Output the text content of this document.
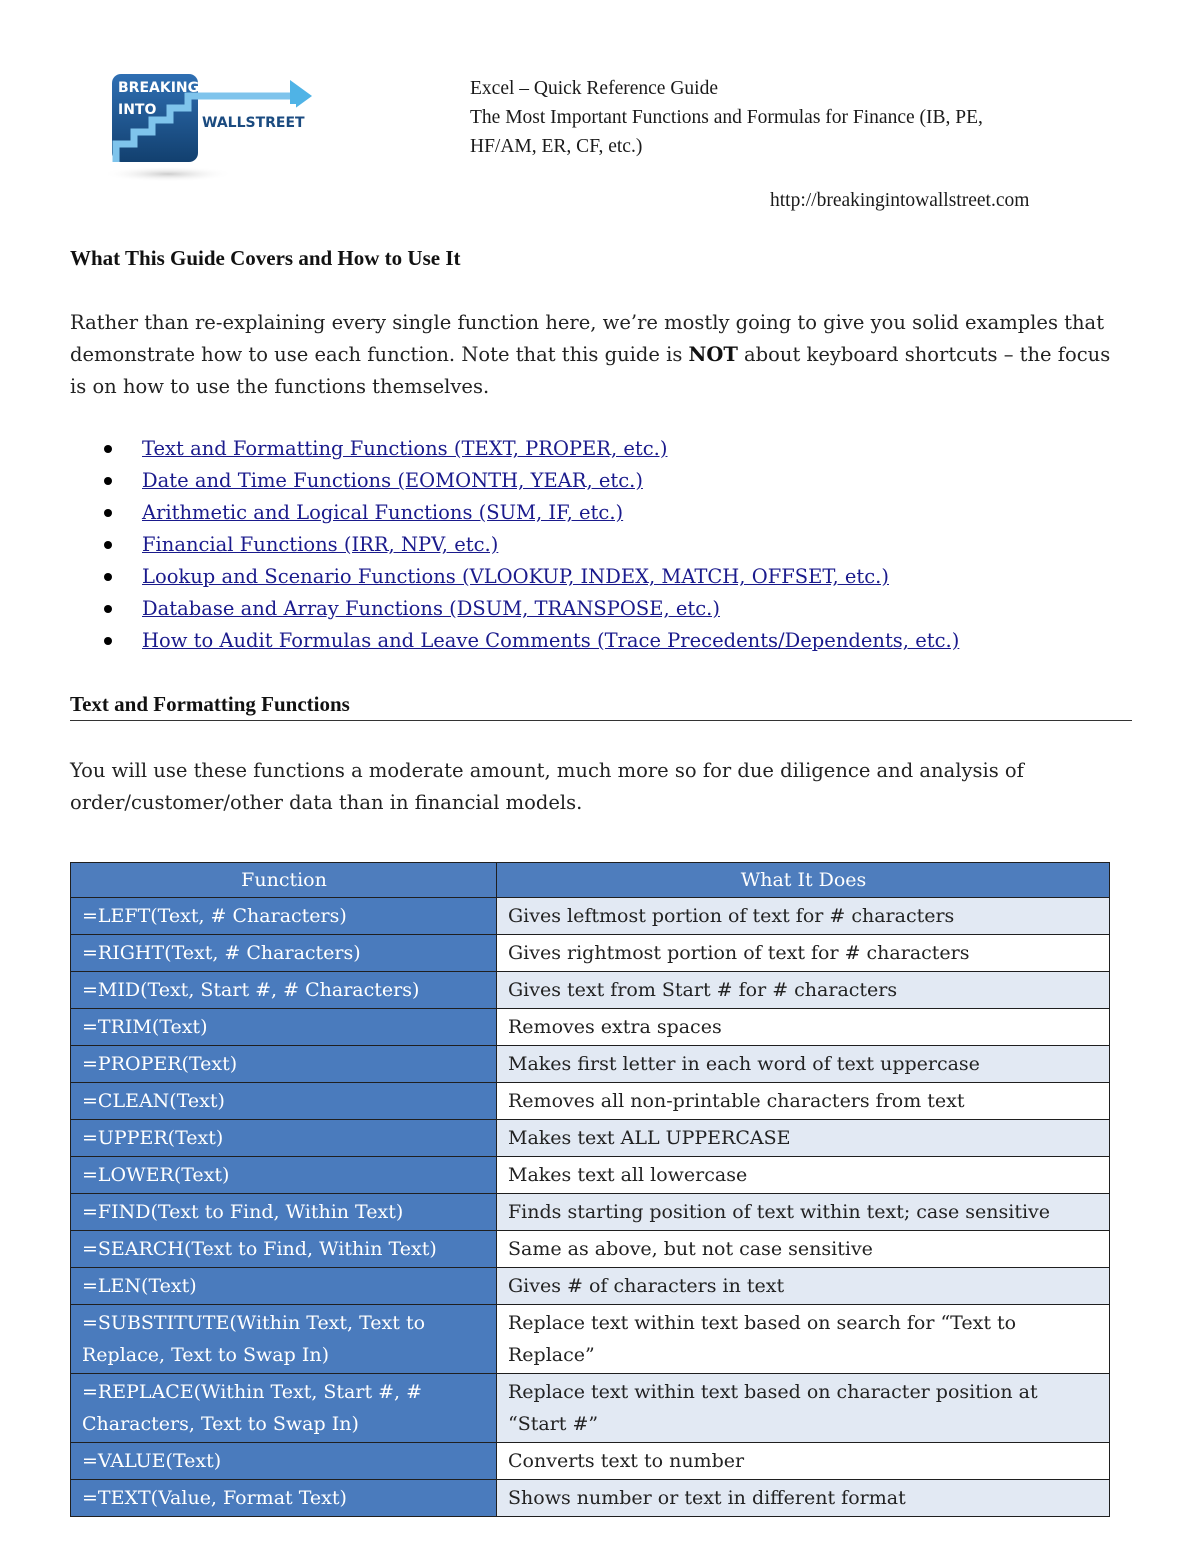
BREAKING
INTO
WALLSTREET
Excel – Quick Reference Guide
The Most Important Functions and Formulas for Finance (IB, PE,
HF/AM, ER, CF, etc.)
http://breakingintowallstreet.com
What This Guide Covers and How to Use It
Rather than re-explaining every single function here, we’re mostly going to give you solid examples that demonstrate how to use each function. Note that this guide is NOT about keyboard shortcuts – the focus is on how to use the functions themselves.
Text and Formatting Functions (TEXT, PROPER, etc.)
Date and Time Functions (EOMONTH, YEAR, etc.)
Arithmetic and Logical Functions (SUM, IF, etc.)
Financial Functions (IRR, NPV, etc.)
Lookup and Scenario Functions (VLOOKUP, INDEX, MATCH, OFFSET, etc.)
Database and Array Functions (DSUM, TRANSPOSE, etc.)
How to Audit Formulas and Leave Comments (Trace Precedents/Dependents, etc.)
Text and Formatting Functions
You will use these functions a moderate amount, much more so for due diligence and analysis of order/customer/other data than in financial models.
Function	What It Does
=LEFT(Text, # Characters)	Gives leftmost portion of text for # characters
=RIGHT(Text, # Characters)	Gives rightmost portion of text for # characters
=MID(Text, Start #, # Characters)	Gives text from Start # for # characters
=TRIM(Text)	Removes extra spaces
=PROPER(Text)	Makes first letter in each word of text uppercase
=CLEAN(Text)	Removes all non-printable characters from text
=UPPER(Text)	Makes text ALL UPPERCASE
=LOWER(Text)	Makes text all lowercase
=FIND(Text to Find, Within Text)	Finds starting position of text within text; case sensitive
=SEARCH(Text to Find, Within Text)	Same as above, but not case sensitive
=LEN(Text)	Gives # of characters in text
=SUBSTITUTE(Within Text, Text to Replace, Text to Swap In)	Replace text within text based on search for “Text to Replace”
=REPLACE(Within Text, Start #, # Characters, Text to Swap In)	Replace text within text based on character position at “Start #”
=VALUE(Text)	Converts text to number
=TEXT(Value, Format Text)	Shows number or text in different format
